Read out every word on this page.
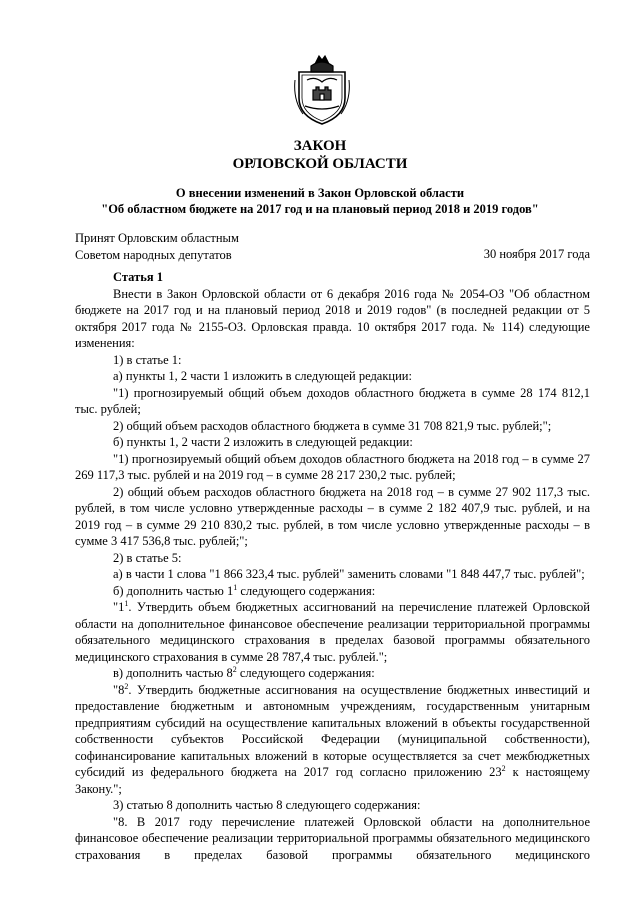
ЗАКОН
ОРЛОВСКОЙ ОБЛАСТИ
О внесении изменений в Закон Орловской области
"Об областном бюджете на 2017 год и на плановый период 2018 и 2019 годов"
Принят Орловским областным
Советом народных депутатов	30 ноября 2017 года

Статья 1

Внести в Закон Орловской области от 6 декабря 2016 года № 2054-ОЗ "Об областном бюджете на 2017 год и на плановый период 2018 и 2019 годов" (в последней редакции от 5 октября 2017 года № 2155-ОЗ. Орловская правда. 10 октября 2017 года. № 114) следующие изменения:

1) в статье 1:

а) пункты 1, 2 части 1 изложить в следующей редакции:

"1) прогнозируемый общий объем доходов областного бюджета в сумме 28 174 812,1 тыс. рублей;

2) общий объем расходов областного бюджета в сумме 31 708 821,9 тыс. рублей;";

б) пункты 1, 2 части 2 изложить в следующей редакции:

"1) прогнозируемый общий объем доходов областного бюджета на 2018 год – в сумме 27 269 117,3 тыс. рублей и на 2019 год – в сумме 28 217 230,2 тыс. рублей;

2) общий объем расходов областного бюджета на 2018 год – в сумме 27 902 117,3 тыс. рублей, в том числе условно утвержденные расходы – в сумме 2 182 407,9 тыс. рублей, и на 2019 год – в сумме 29 210 830,2 тыс. рублей, в том числе условно утвержденные расходы – в сумме 3 417 536,8 тыс. рублей;";

2) в статье 5:

а) в части 1 слова "1 866 323,4 тыс. рублей" заменить словами "1 848 447,7 тыс. рублей";

б) дополнить частью $1^1$ следующего содержания:

"$1^1$. Утвердить объем бюджетных ассигнований на перечисление платежей Орловской области на дополнительное финансовое обеспечение реализации территориальной программы обязательного медицинского страхования в пределах базовой программы обязательного медицинского страхования в сумме 28 787,4 тыс. рублей.";

в) дополнить частью $8^2$ следующего содержания:

"$8^2$. Утвердить бюджетные ассигнования на осуществление бюджетных инвестиций и предоставление бюджетным и автономным учреждениям, государственным унитарным предприятиям субсидий на осуществление капитальных вложений в объекты государственной собственности субъектов Российской Федерации (муниципальной собственности), софинансирование капитальных вложений в которые осуществляется за счет межбюджетных субсидий из федерального бюджета на 2017 год согласно приложению $23^2$ к настоящему Закону.";

3) статью 8 дополнить частью 8 следующего содержания:

"8. В 2017 году перечисление платежей Орловской области на дополнительное финансовое обеспечение реализации территориальной программы обязательного медицинского страхования в пределах базовой программы обязательного медицинского
